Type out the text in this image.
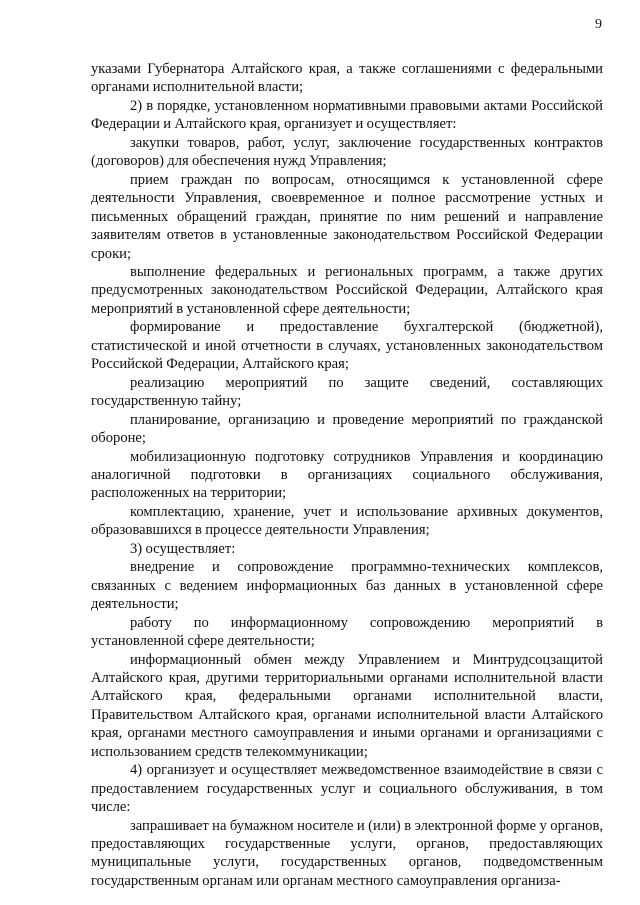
9

указами Губернатора Алтайского края, а также соглашениями с федеральными органами исполнительной власти;

2) в порядке, установленном нормативными правовыми актами Российской Федерации и Алтайского края, организует и осуществляет:

закупки товаров, работ, услуг, заключение государственных контрактов (договоров) для обеспечения нужд Управления;

прием граждан по вопросам, относящимся к установленной сфере деятельности Управления, своевременное и полное рассмотрение устных и письменных обращений граждан, принятие по ним решений и направление заявителям ответов в установленные законодательством Российской Федерации сроки;

выполнение федеральных и региональных программ, а также других предусмотренных законодательством Российской Федерации, Алтайского края мероприятий в установленной сфере деятельности;

формирование и предоставление бухгалтерской (бюджетной), статистической и иной отчетности в случаях, установленных законодательством Российской Федерации, Алтайского края;

реализацию мероприятий по защите сведений, составляющих государственную тайну;

планирование, организацию и проведение мероприятий по гражданской обороне;

мобилизационную подготовку сотрудников Управления и координацию аналогичной подготовки в организациях социального обслуживания, расположенных на территории;

комплектацию, хранение, учет и использование архивных документов, образовавшихся в процессе деятельности Управления;

3) осуществляет:

внедрение и сопровождение программно-технических комплексов, связанных с ведением информационных баз данных в установленной сфере деятельности;

работу по информационному сопровождению мероприятий в установленной сфере деятельности;

информационный обмен между Управлением и Минтрудсоцзащитой Алтайского края, другими территориальными органами исполнительной власти Алтайского края, федеральными органами исполнительной власти, Правительством Алтайского края, органами исполнительной власти Алтайского края, органами местного самоуправления и иными органами и организациями с использованием средств телекоммуникации;

4) организует и осуществляет межведомственное взаимодействие в связи с предоставлением государственных услуг и социального обслуживания, в том числе:

запрашивает на бумажном носителе и (или) в электронной форме у органов, предоставляющих государственные услуги, органов, предоставляющих муниципальные услуги, государственных органов, подведомственным государственным органам или органам местного самоуправления организа-
